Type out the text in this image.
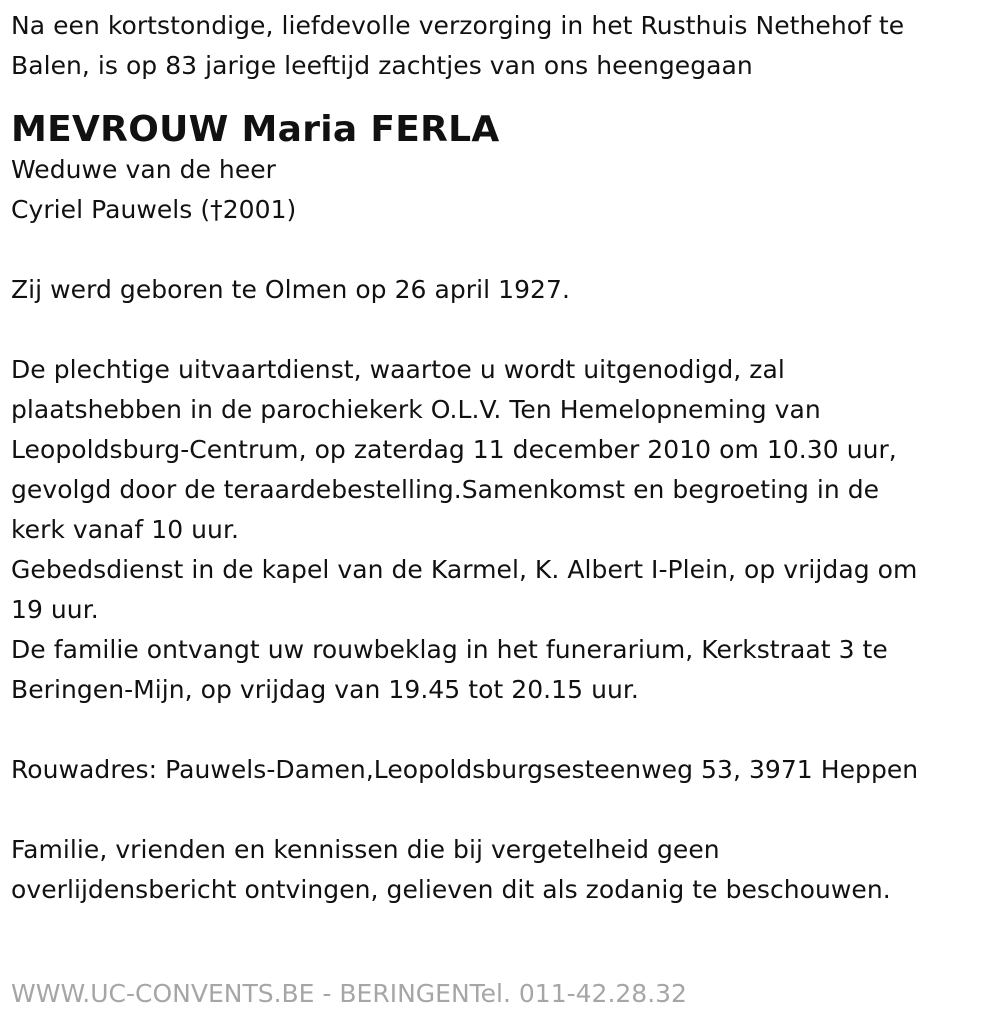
Na een kortstondige, liefdevolle verzorging in het Rusthuis Nethehof te
Balen, is op 83 jarige leeftijd zachtjes van ons heengegaan
MEVROUW Maria FERLA
Weduwe van de heer
Cyriel Pauwels (†2001)
Zij werd geboren te Olmen op 26 april 1927.
De plechtige uitvaartdienst, waartoe u wordt uitgenodigd, zal
plaatshebben in de parochiekerk O.L.V. Ten Hemelopneming van
Leopoldsburg-Centrum, op zaterdag 11 december 2010 om 10.30 uur,
gevolgd door de teraardebestelling.Samenkomst en begroeting in de
kerk vanaf 10 uur.
Gebedsdienst in de kapel van de Karmel, K. Albert I-Plein, op vrijdag om
19 uur.
De familie ontvangt uw rouwbeklag in het funerarium, Kerkstraat 3 te
Beringen-Mijn, op vrijdag van 19.45 tot 20.15 uur.
Rouwadres: Pauwels-Damen,Leopoldsburgsesteenweg 53, 3971 Heppen
Familie, vrienden en kennissen die bij vergetelheid geen
overlijdensbericht ontvingen, gelieven dit als zodanig te beschouwen.
WWW.UC-CONVENTS.BE - BERINGENTel. 011-42.28.32
